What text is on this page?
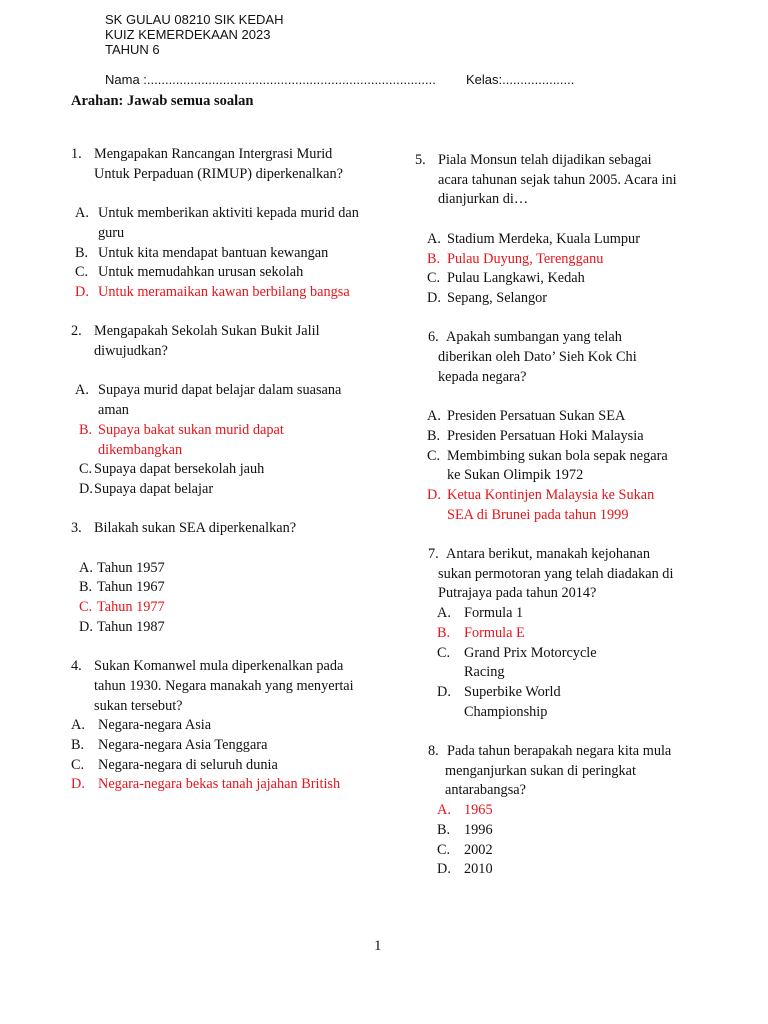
SK GULAU 08210 SIK KEDAH
KUIZ KEMERDEKAAN 2023
TAHUN 6
Nama :................................................................................ Kelas:....................
Arahan: Jawab semua soalan
1. Mengapakan Rancangan Intergrasi Murid Untuk Perpaduan (RIMUP) diperkenalkan?
A. Untuk memberikan aktiviti kepada murid dan guru
B. Untuk kita mendapat bantuan kewangan
C. Untuk memudahkan urusan sekolah
D. Untuk meramaikan kawan berbilang bangsa
2. Mengapakah Sekolah Sukan Bukit Jalil diwujudkan?
A. Supaya murid dapat belajar dalam suasana aman
B. Supaya bakat sukan murid dapat dikembangkan
C. Supaya dapat bersekolah jauh
D. Supaya dapat belajar
3. Bilakah sukan SEA diperkenalkan?
A. Tahun 1957
B. Tahun 1967
C. Tahun 1977
D. Tahun 1987
4. Sukan Komanwel mula diperkenalkan pada tahun 1930. Negara manakah yang menyertai sukan tersebut?
A. Negara-negara Asia
B. Negara-negara Asia Tenggara
C. Negara-negara di seluruh dunia
D. Negara-negara bekas tanah jajahan British
5. Piala Monsun telah dijadikan sebagai acara tahunan sejak tahun 2005. Acara ini dianjurkan di…
A. Stadium Merdeka, Kuala Lumpur
B. Pulau Duyung, Terengganu
C. Pulau Langkawi, Kedah
D. Sepang, Selangor
6. Apakah sumbangan yang telah diberikan oleh Dato’ Sieh Kok Chi kepada negara?
A. Presiden Persatuan Sukan SEA
B. Presiden Persatuan Hoki Malaysia
C. Membimbing sukan bola sepak negara ke Sukan Olimpik 1972
D. Ketua Kontinjen Malaysia ke Sukan SEA di Brunei pada tahun 1999
7. Antara berikut, manakah kejohanan sukan permotoran yang telah diadakan di Putrajaya pada tahun 2014?
A. Formula 1
B. Formula E
C. Grand Prix Motorcycle Racing
D. Superbike World Championship
8. Pada tahun berapakah negara kita mula menganjurkan sukan di peringkat antarabangsa?
A. 1965
B. 1996
C. 2002
D. 2010
1
